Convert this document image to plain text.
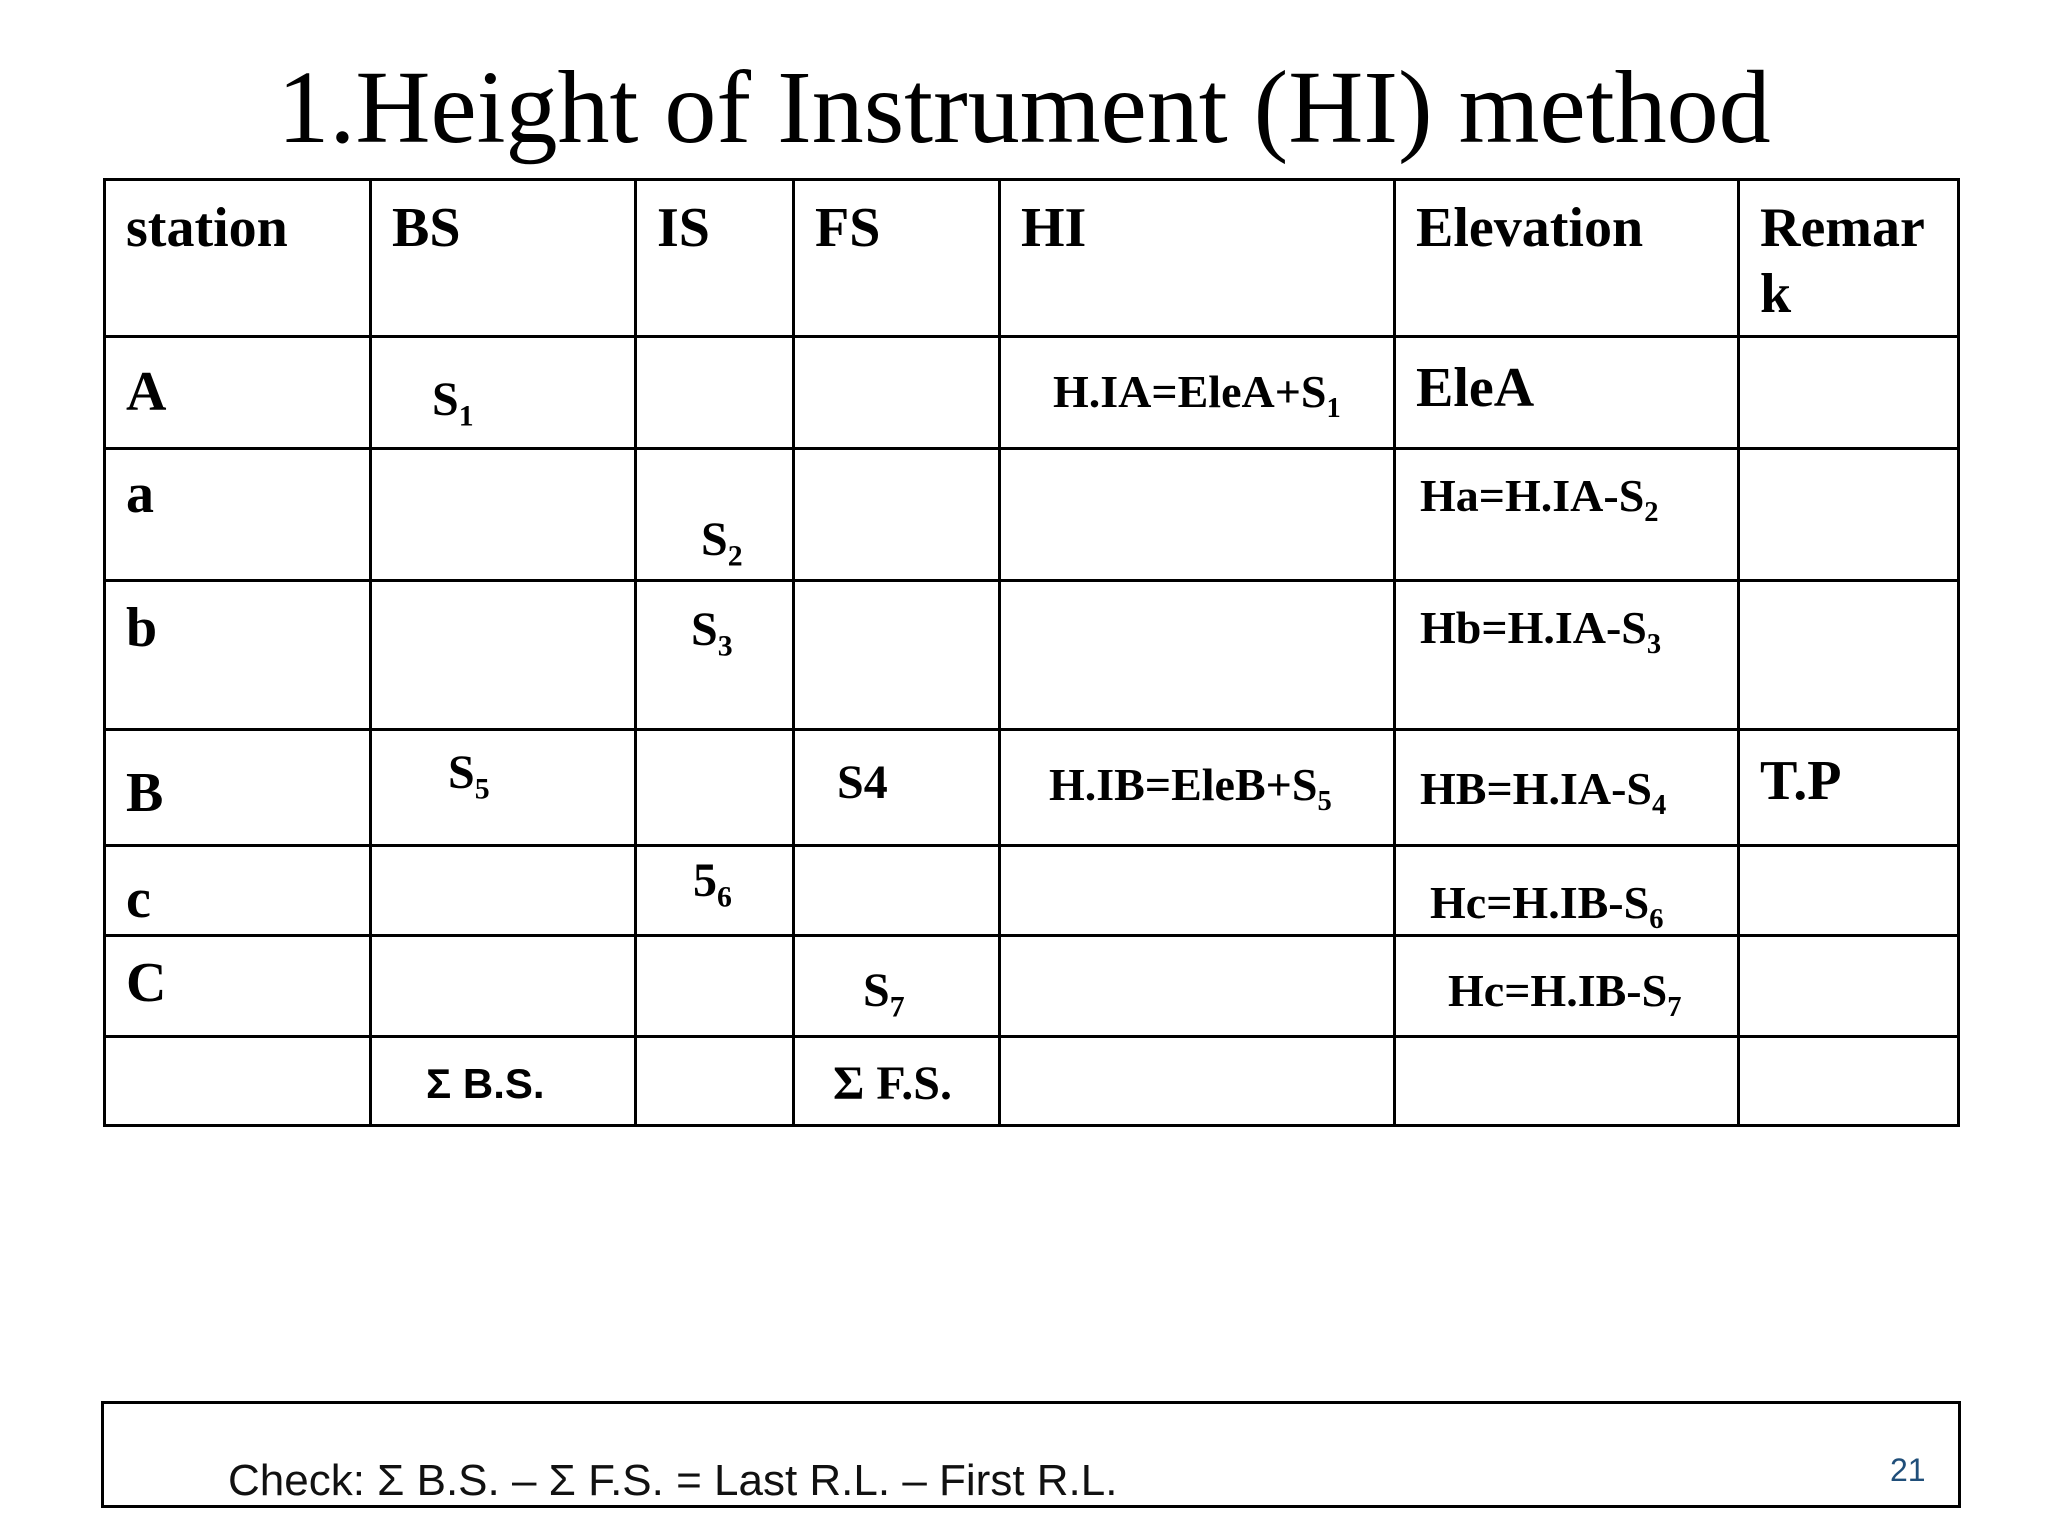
1.Height of Instrument (HI) method
station	BS	IS	FS	HI	Elevation	Remar k

A	$S_1$			$H.IA=EleA+S_1$	EleA	

a		$S_2$			$Ha=H.IA-S_2$

b		$S_3$			$Hb=H.IA-S_3$

B	$S_5$		S4	$H.IB=EleB+S_5$	$HB=H.IA-S_4$	T.P

c		$5_6$			$Hc=H.IB-S_6$

C			$S_7$		$Hc=H.IB-S_7$

	Σ B.S.		Σ F.S.			

Check: Σ B.S. – Σ F.S. = Last R.L. – First R.L.	21
